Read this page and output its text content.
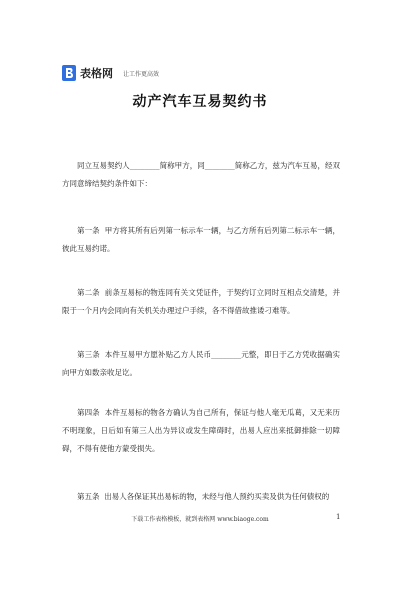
表格网 让工作更高效
动产汽车互易契约书

同立互易契约人________简称甲方，同________简称乙方，兹为汽车互易，经双方同意缔结契约条件如下：

第一条  甲方将其所有后列第一标示车一辆，与乙方所有后列第二标示车一辆，彼此互易约诺。

第二条  前条互易标的物连同有关文凭证件，于契约订立同时互相点交清楚，并限于一个月内会同向有关机关办理过户手续，各不得借故推诿刁难等。

第三条  本件互易甲方愿补贴乙方人民币________元整，即日于乙方凭收据确实向甲方如数亲收足讫。

第四条  本件互易标的物各方确认为自己所有，保证与他人毫无瓜葛，又无来历不明现象，日后如有第三人出为异议或发生障碍时，出易人应出来抵御排除一切障碍，不得有使他方蒙受损失。

第五条  出易人各保证其出易标的物，未经与他人预约买卖及供为任何债权的

下载工作表格模板，就到表格网 www.biaoge.com	1
